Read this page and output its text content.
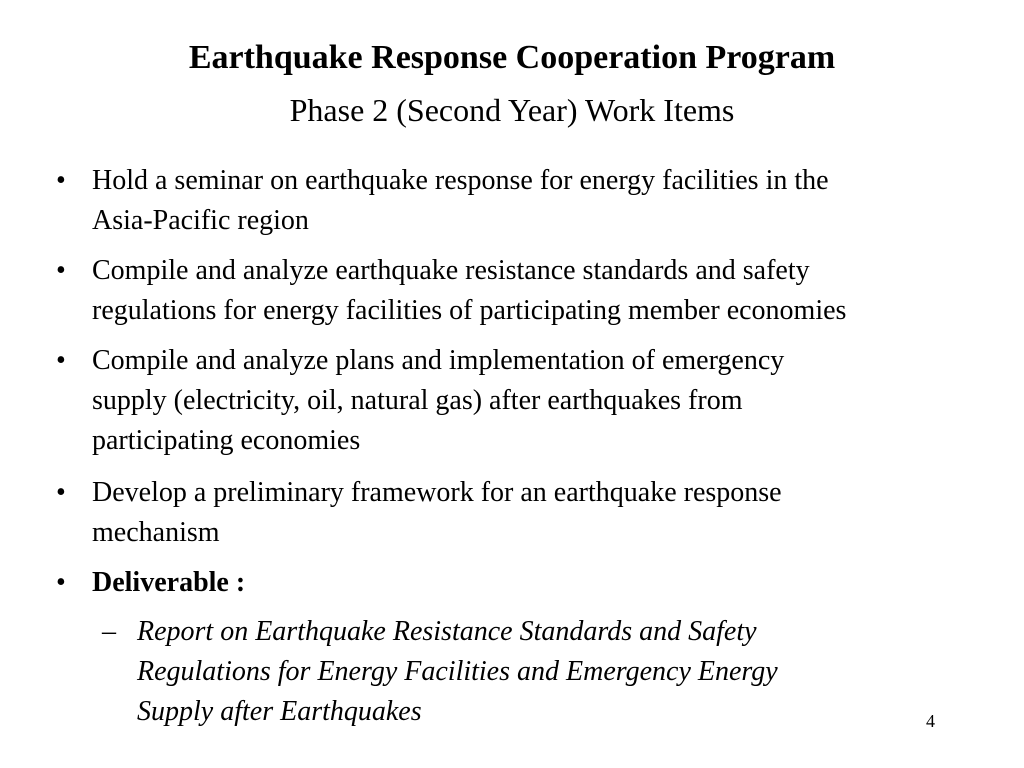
Earthquake Response Cooperation Program
Phase 2 (Second Year) Work Items
• Hold a seminar on earthquake response for energy facilities in the
Asia-Pacific region
• Compile and analyze earthquake resistance standards and safety
regulations for energy facilities of participating member economies
• Compile and analyze plans and implementation of emergency
supply (electricity, oil, natural gas) after earthquakes from
participating economies
• Develop a preliminary framework for an earthquake response
mechanism
• Deliverable :
– Report on Earthquake Resistance Standards and Safety
Regulations for Energy Facilities and Emergency Energy
Supply after Earthquakes	4
